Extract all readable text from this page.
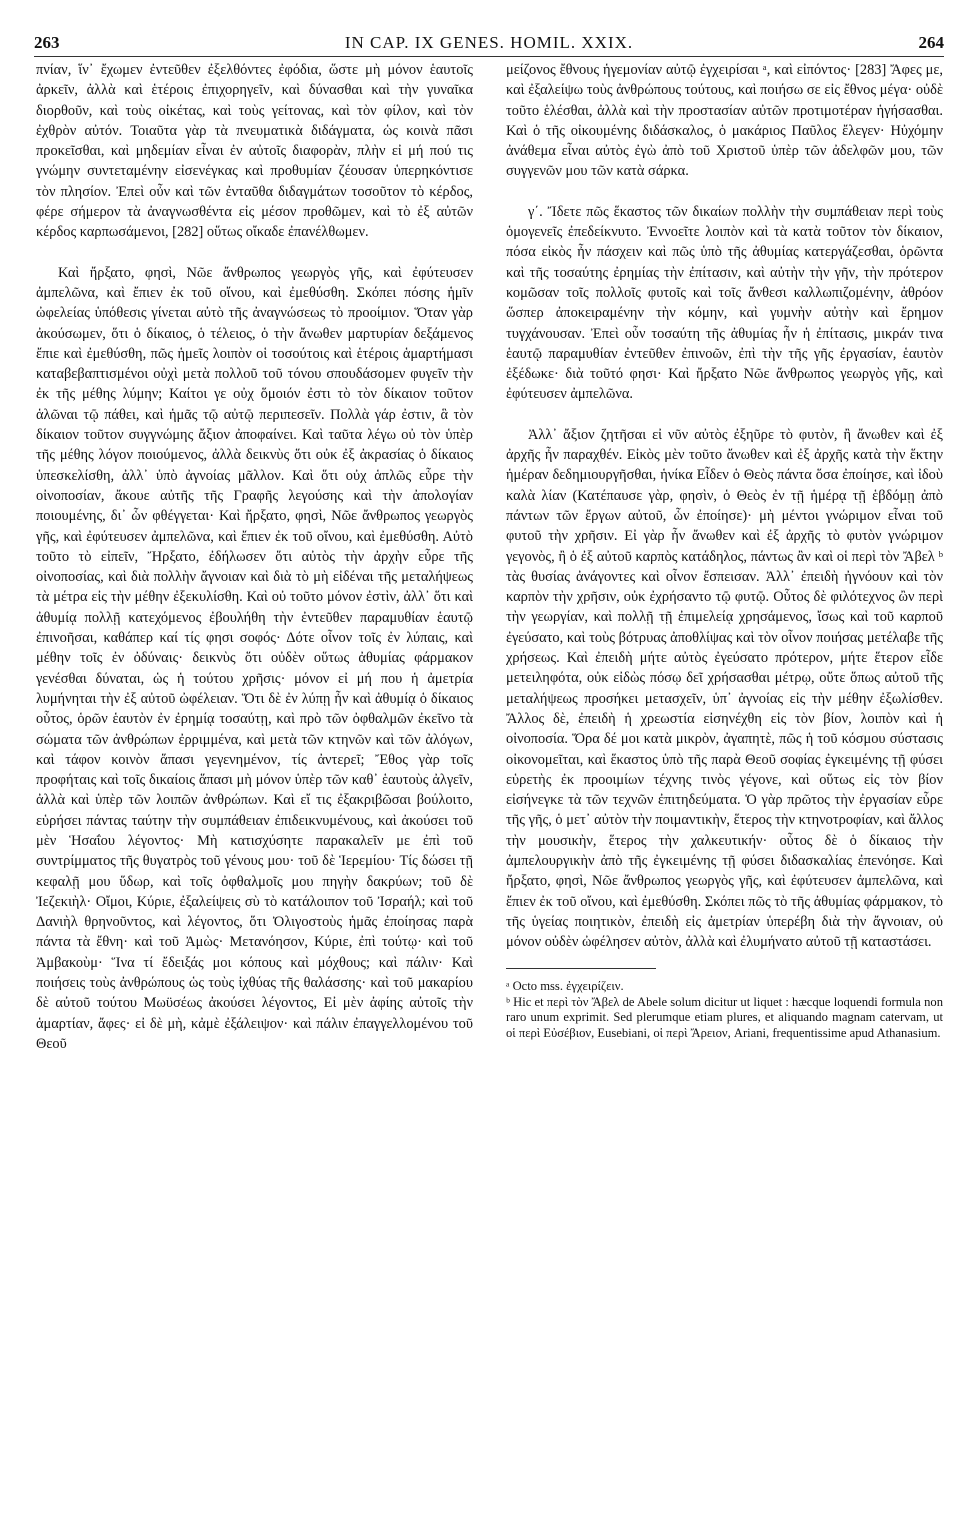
263	IN CAP. IX GENES. HOMIL. XXIX.	264

πνίαν, ἵν᾽ ἔχωμεν ἐντεῦθεν ἐξελθόντες ἐφόδια, ὥστε μὴ μόνον ἑαυτοῖς ἀρκεῖν, ἀλλὰ καὶ ἑτέροις ἐπιχορηγεῖν, καὶ δύνασθαι καὶ τὴν γυναῖκα διορθοῦν, καὶ τοὺς οἰκέτας, καὶ τοὺς γείτονας, καὶ τὸν φίλον, καὶ τὸν ἐχθρὸν αὐτόν. Τοιαῦτα γὰρ τὰ πνευματικὰ διδάγματα, ὡς κοινὰ πᾶσι προκεῖσθαι, καὶ μηδεμίαν εἶναι ἐν αὐτοῖς διαφορὰν, πλὴν εἰ μή πού τις γνώμην συντεταμένην εἰσενέγκας καὶ προθυμίαν ζέουσαν ὑπερηκόντισε τὸν πλησίον. Ἐπεὶ οὖν καὶ τῶν ἐνταῦθα διδαγμάτων τοσοῦτον τὸ κέρδος, φέρε σήμερον τὰ ἀναγνωσθέντα εἰς μέσον προθῶμεν, καὶ τὸ ἐξ αὐτῶν κέρδος καρπωσάμενοι, [282] οὕτως οἴκαδε ἐπανέλθωμεν.

Καὶ ἤρξατο, φησὶ, Νῶε ἄνθρωπος γεωργὸς γῆς, καὶ ἐφύτευσεν ἀμπελῶνα, καὶ ἔπιεν ἐκ τοῦ οἴνου, καὶ ἐμεθύσθη. Σκόπει πόσης ἡμῖν ὠφελείας ὑπόθεσις γίνεται αὐτὸ τῆς ἀναγνώσεως τὸ προοίμιον. Ὅταν γὰρ ἀκούσωμεν, ὅτι ὁ δίκαιος, ὁ τέλειος, ὁ τὴν ἄνωθεν μαρτυρίαν δεξάμενος ἔπιε καὶ ἐμεθύσθη, πῶς ἡμεῖς λοιπὸν οἱ τοσούτοις καὶ ἑτέροις ἁμαρτήμασι καταβεβαπτισμένοι οὐχὶ μετὰ πολλοῦ τοῦ τόνου σπουδάσομεν φυγεῖν τὴν ἐκ τῆς μέθης λύμην; Καίτοι γε οὐχ ὅμοιόν ἐστι τὸ τὸν δίκαιον τοῦτον ἁλῶναι τῷ πάθει, καὶ ἡμᾶς τῷ αὐτῷ περιπεσεῖν. Πολλὰ γάρ ἐστιν, ἃ τὸν δίκαιον τοῦτον συγγνώμης ἄξιον ἀποφαίνει. Καὶ ταῦτα λέγω οὐ τὸν ὑπὲρ τῆς μέθης λόγον ποιούμενος, ἀλλὰ δεικνὺς ὅτι οὐκ ἐξ ἀκρασίας ὁ δίκαιος ὑπεσκελίσθη, ἀλλ᾽ ὑπὸ ἀγνοίας μᾶλλον. Καὶ ὅτι οὐχ ἁπλῶς εὗρε τὴν οἰνοποσίαν, ἄκουε αὐτῆς τῆς Γραφῆς λεγούσης καὶ τὴν ἀπολογίαν ποιουμένης, δι᾽ ὧν φθέγγεται· Καὶ ἤρξατο, φησὶ, Νῶε ἄνθρωπος γεωργὸς γῆς, καὶ ἐφύτευσεν ἀμπελῶνα, καὶ ἔπιεν ἐκ τοῦ οἴνου, καὶ ἐμεθύσθη. Αὐτὸ τοῦτο τὸ εἰπεῖν, Ἤρξατο, ἐδήλωσεν ὅτι αὐτὸς τὴν ἀρχὴν εὗρε τῆς οἰνοποσίας, καὶ διὰ πολλὴν ἄγνοιαν καὶ διὰ τὸ μὴ εἰδέναι τῆς μεταλήψεως τὰ μέτρα εἰς τὴν μέθην ἐξεκυλίσθη. Καὶ οὐ τοῦτο μόνον ἐστὶν, ἀλλ᾽ ὅτι καὶ ἀθυμίᾳ πολλῇ κατεχόμενος ἐβουλήθη τὴν ἐντεῦθεν παραμυθίαν ἑαυτῷ ἐπινοῆσαι, καθάπερ καί τίς φησι σοφός· Δότε οἶνον τοῖς ἐν λύπαις, καὶ μέθην τοῖς ἐν ὀδύναις· δεικνὺς ὅτι οὐδὲν οὕτως ἀθυμίας φάρμακον γενέσθαι δύναται, ὡς ἡ τούτου χρῆσις· μόνον εἰ μή που ἡ ἀμετρία λυμήνηται τὴν ἐξ αὐτοῦ ὠφέλειαν. Ὅτι δὲ ἐν λύπῃ ἦν καὶ ἀθυμίᾳ ὁ δίκαιος οὗτος, ὁρῶν ἑαυτὸν ἐν ἐρημίᾳ τοσαύτῃ, καὶ πρὸ τῶν ὀφθαλμῶν ἐκεῖνο τὰ σώματα τῶν ἀνθρώπων ἐρριμμένα, καὶ μετὰ τῶν κτηνῶν καὶ τῶν ἀλόγων, καὶ τάφον κοινὸν ἅπασι γεγενημένον, τίς ἀντερεῖ; Ἔθος γὰρ τοῖς προφήταις καὶ τοῖς δικαίοις ἅπασι μὴ μόνον ὑπὲρ τῶν καθ᾽ ἑαυτοὺς ἀλγεῖν, ἀλλὰ καὶ ὑπὲρ τῶν λοιπῶν ἀνθρώπων. Καὶ εἴ τις ἐξακριβῶσαι βούλοιτο, εὑρήσει πάντας ταύτην τὴν συμπάθειαν ἐπιδεικνυμένους, καὶ ἀκούσει τοῦ μὲν Ἡσαΐου λέγοντος· Μὴ κατισχύσητε παρακαλεῖν με ἐπὶ τοῦ συντρίμματος τῆς θυγατρὸς τοῦ γένους μου· τοῦ δὲ Ἱερεμίου· Τίς δώσει τῇ κεφαλῇ μου ὕδωρ, καὶ τοῖς ὀφθαλμοῖς μου πηγὴν δακρύων; τοῦ δὲ Ἰεζεκιὴλ· Οἴμοι, Κύριε, ἐξαλείψεις σὺ τὸ κατάλοιπον τοῦ Ἰσραήλ; καὶ τοῦ Δανιὴλ θρηνοῦντος, καὶ λέγοντος, ὅτι Ὀλιγοστοὺς ἡμᾶς ἐποίησας παρὰ πάντα τὰ ἔθνη· καὶ τοῦ Ἀμὼς· Μετανόησον, Κύριε, ἐπὶ τούτῳ· καὶ τοῦ Ἀμβακοὺμ· Ἵνα τί ἔδειξάς μοι κόπους καὶ μόχθους; καὶ πάλιν· Καὶ ποιήσεις τοὺς ἀνθρώπους ὡς τοὺς ἰχθύας τῆς θαλάσσης· καὶ τοῦ μακαρίου δὲ αὐτοῦ τούτου Μωϋσέως ἀκούσει λέγοντος, Εἰ μὲν ἀφίης αὐτοῖς τὴν ἁμαρτίαν, ἄφες· εἰ δὲ μὴ, κἀμὲ ἐξάλειψον· καὶ πάλιν ἐπαγγελλομένου τοῦ Θεοῦ

μείζονος ἔθνους ἡγεμονίαν αὐτῷ ἐγχειρίσαι ᵃ, καὶ εἰπόντος· [283] Ἄφες με, καὶ ἐξαλείψω τοὺς ἀνθρώπους τούτους, καὶ ποιήσω σε εἰς ἔθνος μέγα· οὐδὲ τοῦτο ἑλέσθαι, ἀλλὰ καὶ τὴν προστασίαν αὐτῶν προτιμοτέραν ἡγήσασθαι. Καὶ ὁ τῆς οἰκουμένης διδάσκαλος, ὁ μακάριος Παῦλος ἔλεγεν· Ηὐχόμην ἀνάθεμα εἶναι αὐτὸς ἐγὼ ἀπὸ τοῦ Χριστοῦ ὑπὲρ τῶν ἀδελφῶν μου, τῶν συγγενῶν μου τῶν κατὰ σάρκα.

γ΄. Ἴδετε πῶς ἕκαστος τῶν δικαίων πολλὴν τὴν συμπάθειαν περὶ τοὺς ὁμογενεῖς ἐπεδείκνυτο. Ἐννοεῖτε λοιπὸν καὶ τὰ κατὰ τοῦτον τὸν δίκαιον, πόσα εἰκὸς ἦν πάσχειν καὶ πῶς ὑπὸ τῆς ἀθυμίας κατεργάζεσθαι, ὁρῶντα καὶ τῆς τοσαύτης ἐρημίας τὴν ἐπίτασιν, καὶ αὐτὴν τὴν γῆν, τὴν πρότερον κομῶσαν τοῖς πολλοῖς φυτοῖς καὶ τοῖς ἄνθεσι καλλωπιζομένην, ἀθρόον ὥσπερ ἀποκειραμένην τὴν κόμην, καὶ γυμνὴν αὐτὴν καὶ ἔρημον τυγχάνουσαν. Ἐπεὶ οὖν τοσαύτη τῆς ἀθυμίας ἦν ἡ ἐπίτασις, μικράν τινα ἑαυτῷ παραμυθίαν ἐντεῦθεν ἐπινοῶν, ἐπὶ τὴν τῆς γῆς ἐργασίαν, ἑαυτὸν ἐξέδωκε· διὰ τοῦτό φησι· Καὶ ἤρξατο Νῶε ἄνθρωπος γεωργὸς γῆς, καὶ ἐφύτευσεν ἀμπελῶνα.

Ἀλλ᾽ ἄξιον ζητῆσαι εἰ νῦν αὐτὸς ἐξηῦρε τὸ φυτὸν, ἢ ἄνωθεν καὶ ἐξ ἀρχῆς ἦν παραχθέν. Εἰκὸς μὲν τοῦτο ἄνωθεν καὶ ἐξ ἀρχῆς κατὰ τὴν ἕκτην ἡμέραν δεδημιουργῆσθαι, ἡνίκα Εἶδεν ὁ Θεὸς πάντα ὅσα ἐποίησε, καὶ ἰδοὺ καλὰ λίαν (Κατέπαυσε γὰρ, φησὶν, ὁ Θεὸς ἐν τῇ ἡμέρᾳ τῇ ἑβδόμῃ ἀπὸ πάντων τῶν ἔργων αὐτοῦ, ὧν ἐποίησε)· μὴ μέντοι γνώριμον εἶναι τοῦ φυτοῦ τὴν χρῆσιν. Εἰ γὰρ ἦν ἄνωθεν καὶ ἐξ ἀρχῆς τὸ φυτὸν γνώριμον γεγονὸς, ἢ ὁ ἐξ αὐτοῦ καρπὸς κατάδηλος, πάντως ἂν καὶ οἱ περὶ τὸν Ἄβελ ᵇ τὰς θυσίας ἀνάγοντες καὶ οἶνον ἔσπεισαν. Ἀλλ᾽ ἐπειδὴ ἠγνόουν καὶ τὸν καρπὸν τὴν χρῆσιν, οὐκ ἐχρήσαντο τῷ φυτῷ. Οὗτος δὲ φιλότεχνος ὢν περὶ τὴν γεωργίαν, καὶ πολλῇ τῇ ἐπιμελείᾳ χρησάμενος, ἴσως καὶ τοῦ καρποῦ ἐγεύσατο, καὶ τοὺς βότρυας ἀποθλίψας καὶ τὸν οἶνον ποιήσας μετέλαβε τῆς χρήσεως. Καὶ ἐπειδὴ μήτε αὐτὸς ἐγεύσατο πρότερον, μήτε ἕτερον εἶδε μετειληφότα, οὐκ εἰδὼς πόσῳ δεῖ χρήσασθαι μέτρῳ, οὔτε ὅπως αὐτοῦ τῆς μεταλήψεως προσήκει μετασχεῖν, ὑπ᾽ ἀγνοίας εἰς τὴν μέθην ἐξωλίσθεν. Ἄλλος δὲ, ἐπειδὴ ἡ χρεωστία εἰσηνέχθη εἰς τὸν βίον, λοιπὸν καὶ ἡ οἰνοποσία. Ὅρα δέ μοι κατὰ μικρὸν, ἀγαπητὲ, πῶς ἡ τοῦ κόσμου σύστασις οἰκονομεῖται, καὶ ἕκαστος ὑπὸ τῆς παρὰ Θεοῦ σοφίας ἐγκειμένης τῇ φύσει εὑρετὴς ἐκ προοιμίων τέχνης τινὸς γέγονε, καὶ οὕτως εἰς τὸν βίον εἰσήνεγκε τὰ τῶν τεχνῶν ἐπιτηδεύματα. Ὁ γὰρ πρῶτος τὴν ἐργασίαν εὗρε τῆς γῆς, ὁ μετ᾽ αὐτὸν τὴν ποιμαντικὴν, ἕτερος τὴν κτηνοτροφίαν, καὶ ἄλλος τὴν μουσικὴν, ἕτερος τὴν χαλκευτικήν· οὗτος δὲ ὁ δίκαιος τὴν ἀμπελουργικὴν ἀπὸ τῆς ἐγκειμένης τῇ φύσει διδασκαλίας ἐπενόησε. Καὶ ἤρξατο, φησὶ, Νῶε ἄνθρωπος γεωργὸς γῆς, καὶ ἐφύτευσεν ἀμπελῶνα, καὶ ἔπιεν ἐκ τοῦ οἴνου, καὶ ἐμεθύσθη. Σκόπει πῶς τὸ τῆς ἀθυμίας φάρμακον, τὸ τῆς ὑγείας ποιητικὸν, ἐπειδὴ εἰς ἀμετρίαν ὑπερέβη διὰ τὴν ἄγνοιαν, οὐ μόνον οὐδὲν ὠφέλησεν αὐτὸν, ἀλλὰ καὶ ἐλυμήνατο αὐτοῦ τῇ καταστάσει.

ᵃ Octo mss. ἐγχειρίζειν.

ᵇ Hic et περὶ τὸν Ἄβελ de Abele solum dicitur ut liquet : hæcque loquendi formula non raro unum exprimit. Sed plerumque etiam plures, et aliquando magnam catervam, ut οἱ περὶ Εὐσέβιον, Eusebiani, οἱ περὶ Ἄρειον, Ariani, frequentissime apud Athanasium.
